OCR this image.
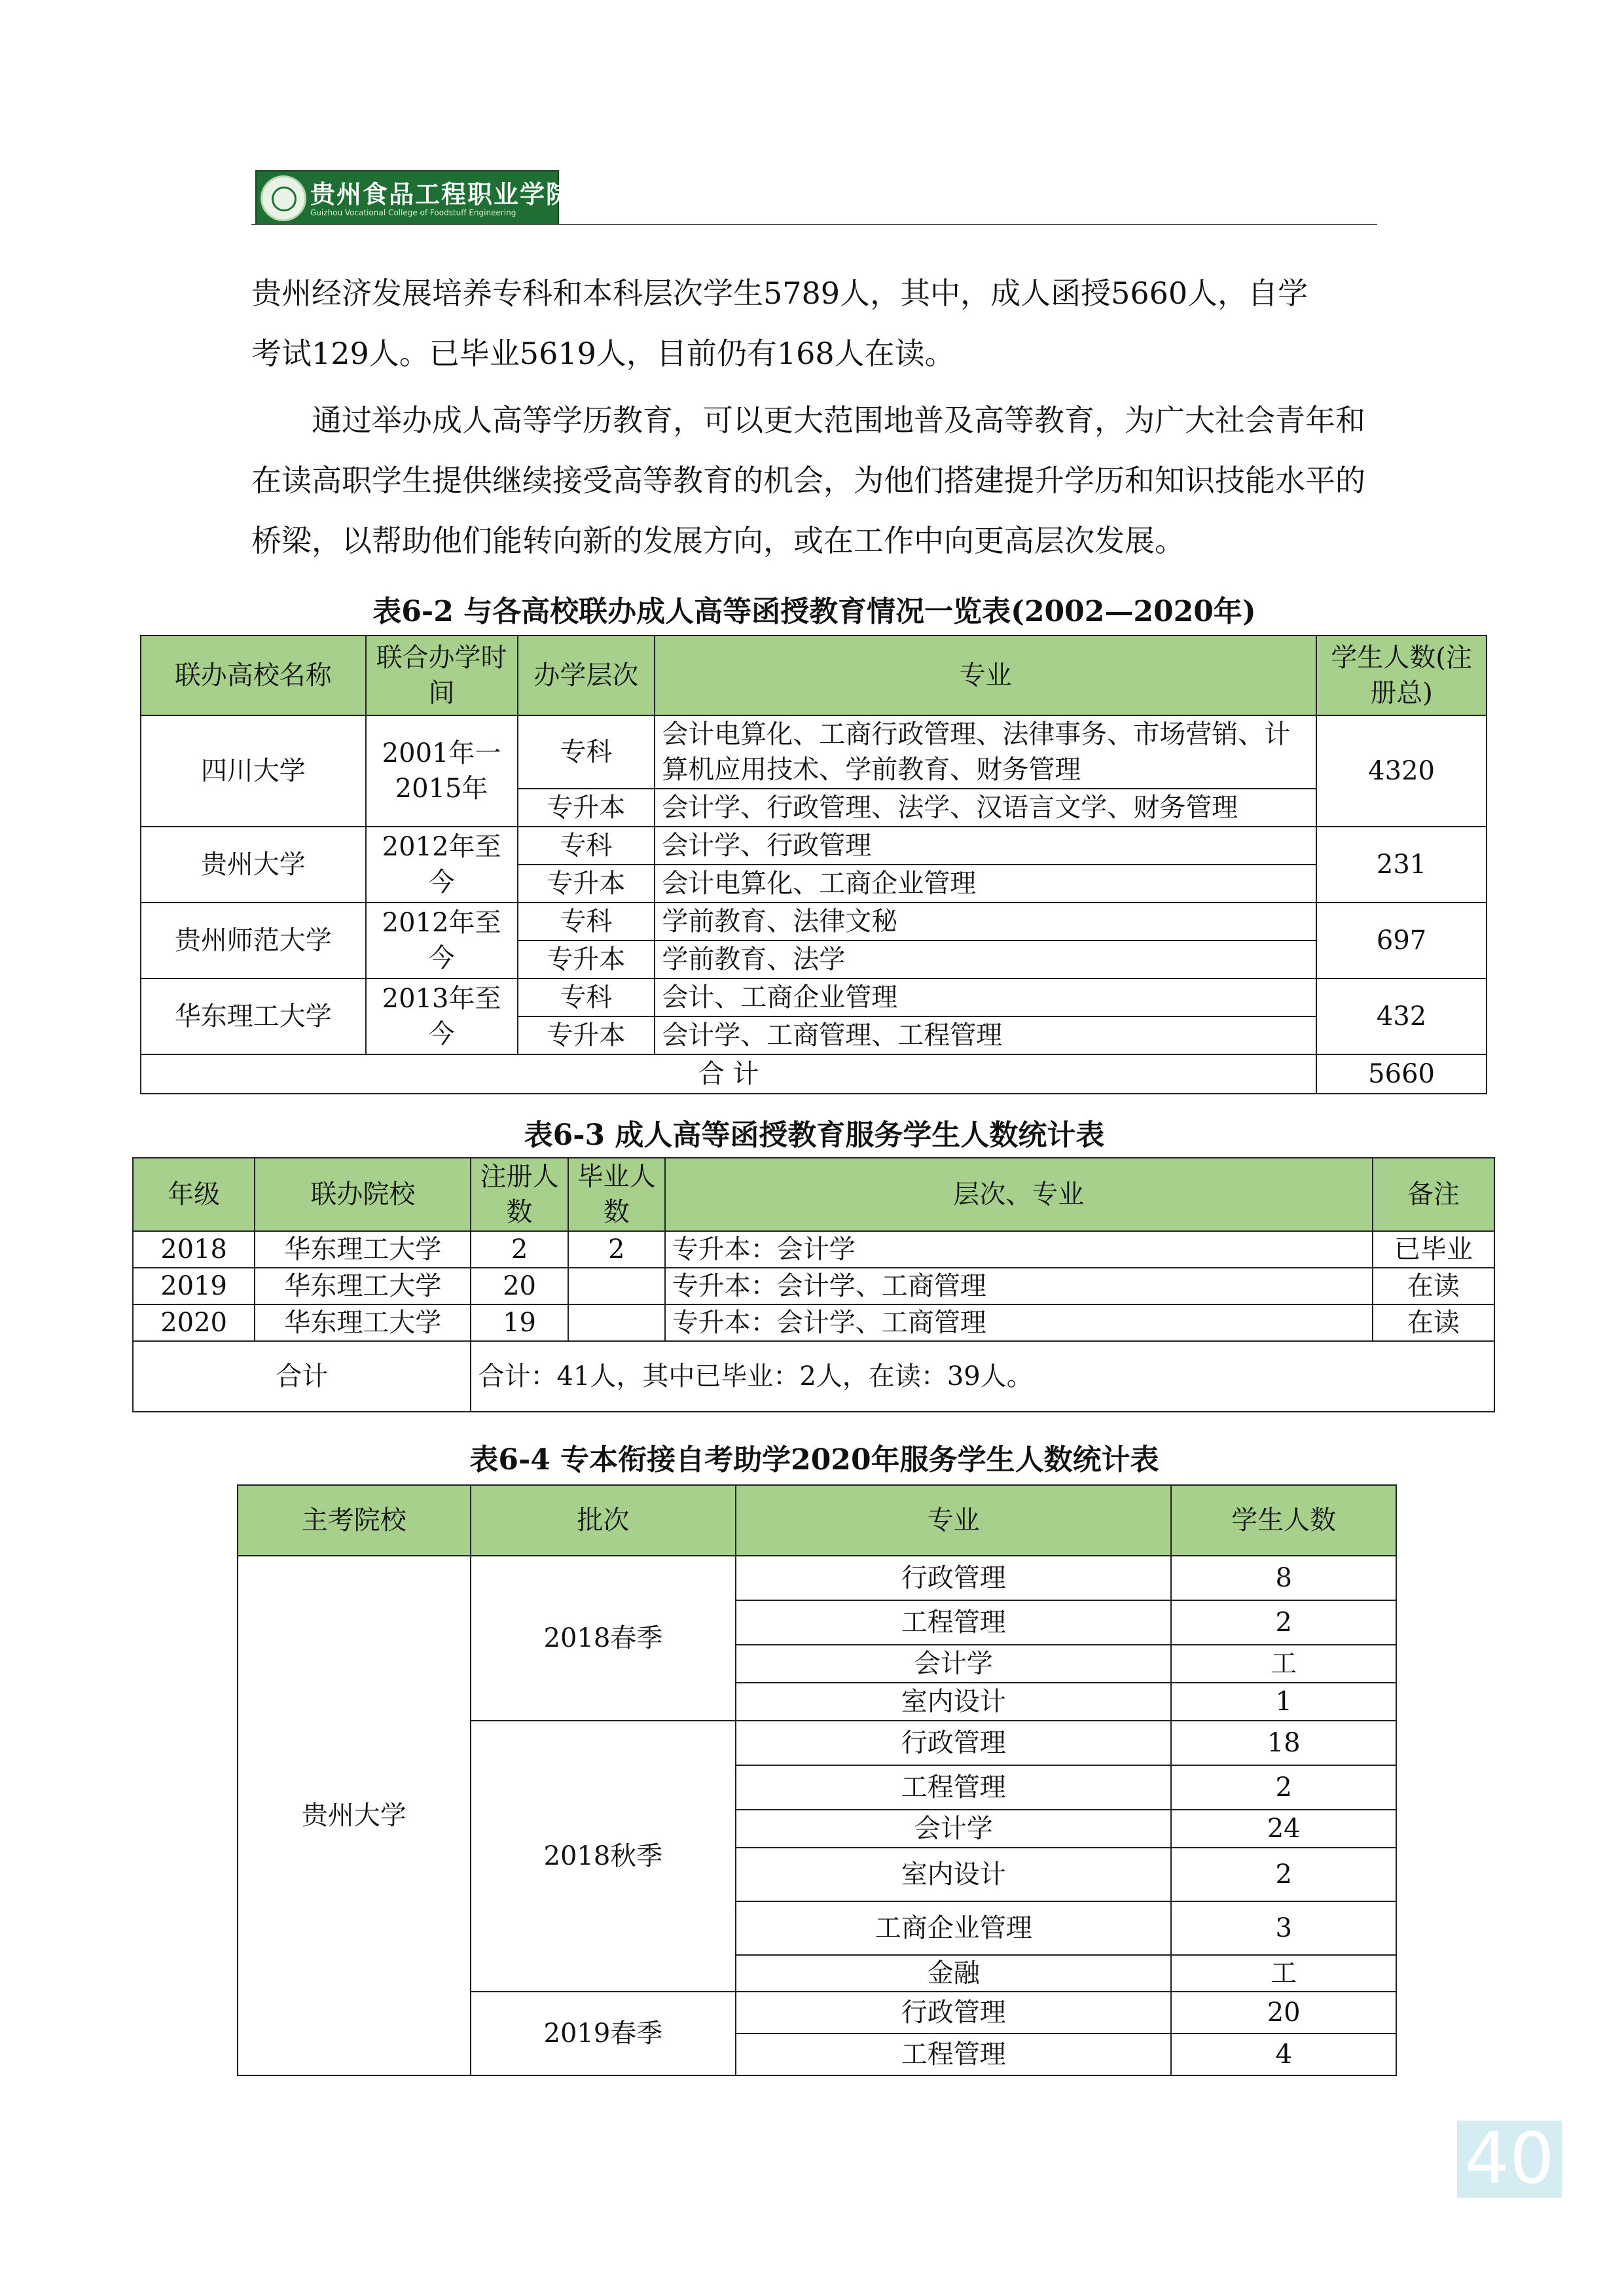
贵州食品工程职业学院
Guizhou Vocational College of Foodstuff Engineering

贵州经济发展培养专科和本科层次学生5789人，其中，成人函授5660人，自学

考试129人。已毕业5619人，目前仍有168人在读。

通过举办成人高等学历教育，可以更大范围地普及高等教育，为广大社会青年和在读高职学生提供继续接受高等教育的机会，为他们搭建提升学历和知识技能水平的桥梁，以帮助他们能转向新的发展方向，或在工作中向更高层次发展。

表6-2 与各高校联办成人高等函授教育情况一览表(2002—2020年)
联办高校名称	联合办学时间	办学层次	专业	学生人数(注册总)
四川大学	2001年一2015年	专科	会计电算化、工商行政管理、法律事务、市场营销、计算机应用技术、学前教育、财务管理	4320
		专升本	会计学、行政管理、法学、汉语言文学、财务管理	
贵州大学	2012年至今	专科	会计学、行政管理	231
		专升本	会计电算化、工商企业管理	
贵州师范大学	2012年至今	专科	学前教育、法律文秘	697
		专升本	学前教育、法学	
华东理工大学	2013年至今	专科	会计、工商企业管理	432
		专升本	会计学、工商管理、工程管理	
合 计				5660
表6-3 成人高等函授教育服务学生人数统计表
年级	联办院校	注册人数	毕业人数	层次、专业	备注
2018	华东理工大学	2	2	专升本：会计学	已毕业
2019	华东理工大学	20		专升本：会计学、工商管理	在读
2020	华东理工大学	19		专升本：会计学、工商管理	在读
合计		合计：41人，其中已毕业：2人，在读：39人。			
表6-4 专本衔接自考助学2020年服务学生人数统计表
主考院校	批次	专业	学生人数
贵州大学	2018春季	行政管理	8
		工程管理	2
		会计学	工
		室内设计	1
	2018秋季	行政管理	18
		工程管理	2
		会计学	24
		室内设计	2
		工商企业管理	3
		金融	工
	2019春季	行政管理	20
		工程管理	4
40
